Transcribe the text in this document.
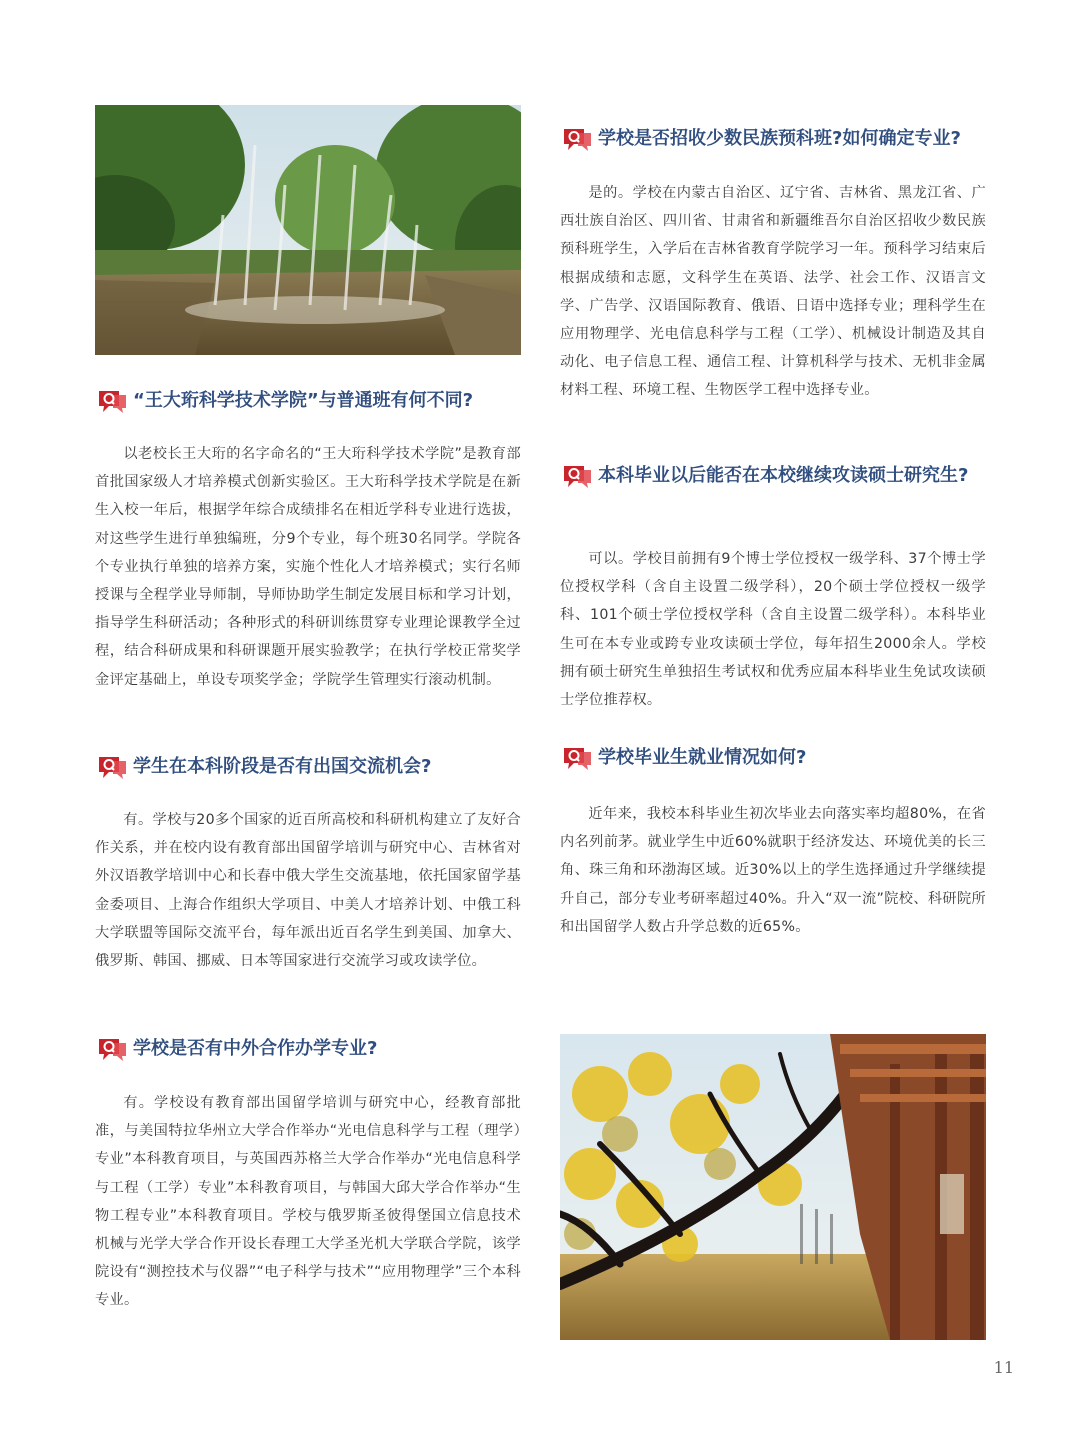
“王大珩科学技术学院”与普通班有何不同?

以老校长王大珩的名字命名的“王大珩科学技术学院”是教育部首批国家级人才培养模式创新实验区。王大珩科学技术学院是在新生入校一年后，根据学年综合成绩排名在相近学科专业进行选拔，对这些学生进行单独编班，分9个专业，每个班30名同学。学院各个专业执行单独的培养方案，实施个性化人才培养模式；实行名师授课与全程学业导师制，导师协助学生制定发展目标和学习计划，指导学生科研活动；各种形式的科研训练贯穿专业理论课教学全过程，结合科研成果和科研课题开展实验教学；在执行学校正常奖学金评定基础上，单设专项奖学金；学院学生管理实行滚动机制。

学生在本科阶段是否有出国交流机会?

有。学校与20多个国家的近百所高校和科研机构建立了友好合作关系，并在校内设有教育部出国留学培训与研究中心、吉林省对外汉语教学培训中心和长春中俄大学生交流基地，依托国家留学基金委项目、上海合作组织大学项目、中美人才培养计划、中俄工科大学联盟等国际交流平台，每年派出近百名学生到美国、加拿大、俄罗斯、韩国、挪威、日本等国家进行交流学习或攻读学位。

学校是否有中外合作办学专业?

有。学校设有教育部出国留学培训与研究中心，经教育部批准，与美国特拉华州立大学合作举办“光电信息科学与工程（理学）专业”本科教育项目，与英国西苏格兰大学合作举办“光电信息科学与工程（工学）专业”本科教育项目，与韩国大邱大学合作举办“生物工程专业”本科教育项目。学校与俄罗斯圣彼得堡国立信息技术机械与光学大学合作开设长春理工大学圣光机大学联合学院，该学院设有“测控技术与仪器”“电子科学与技术”“应用物理学”三个本科专业。

学校是否招收少数民族预科班?如何确定专业?

是的。学校在内蒙古自治区、辽宁省、吉林省、黑龙江省、广西壮族自治区、四川省、甘肃省和新疆维吾尔自治区招收少数民族预科班学生，入学后在吉林省教育学院学习一年。预科学习结束后根据成绩和志愿，文科学生在英语、法学、社会工作、汉语言文学、广告学、汉语国际教育、俄语、日语中选择专业；理科学生在应用物理学、光电信息科学与工程（工学）、机械设计制造及其自动化、电子信息工程、通信工程、计算机科学与技术、无机非金属材料工程、环境工程、生物医学工程中选择专业。

本科毕业以后能否在本校继续攻读硕士研究生?

可以。学校目前拥有9个博士学位授权一级学科、37个博士学位授权学科（含自主设置二级学科），20个硕士学位授权一级学科、101个硕士学位授权学科（含自主设置二级学科）。本科毕业生可在本专业或跨专业攻读硕士学位，每年招生2000余人。学校拥有硕士研究生单独招生考试权和优秀应届本科毕业生免试攻读硕士学位推荐权。

学校毕业生就业情况如何?

近年来，我校本科毕业生初次毕业去向落实率均超80%，在省内名列前茅。就业学生中近60%就职于经济发达、环境优美的长三角、珠三角和环渤海区域。近30%以上的学生选择通过升学继续提升自己，部分专业考研率超过40%。升入“双一流”院校、科研院所和出国留学人数占升学总数的近65%。

11
